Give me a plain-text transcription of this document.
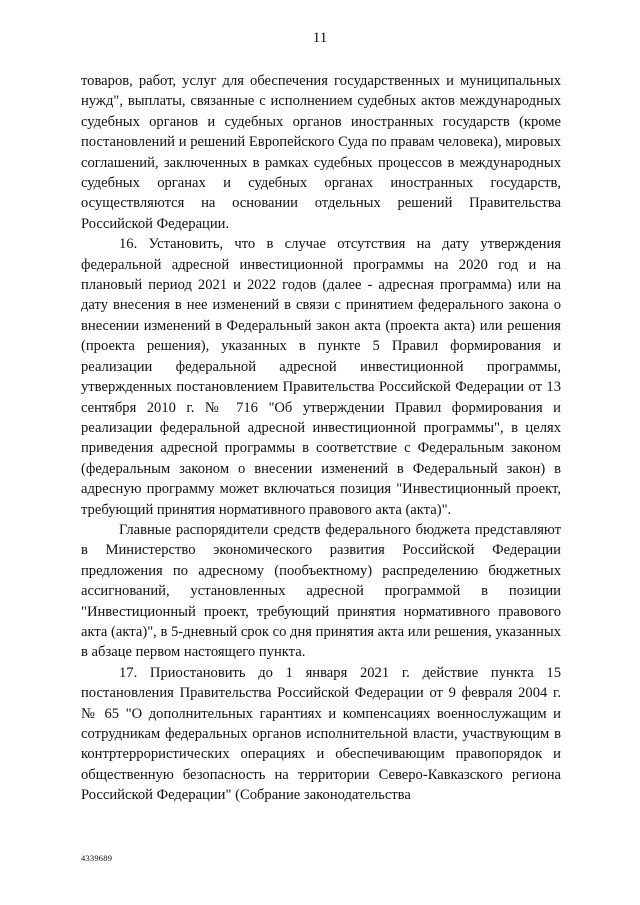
11

товаров, работ, услуг для обеспечения государственных и муниципальных нужд", выплаты, связанные с исполнением судебных актов международных судебных органов и судебных органов иностранных государств (кроме постановлений и решений Европейского Суда по правам человека), мировых соглашений, заключенных в рамках судебных процессов в международных судебных органах и судебных органах иностранных государств, осуществляются на основании отдельных решений Правительства Российской Федерации.

16. Установить, что в случае отсутствия на дату утверждения федеральной адресной инвестиционной программы на 2020 год и на плановый период 2021 и 2022 годов (далее - адресная программа) или на дату внесения в нее изменений в связи с принятием федерального закона о внесении изменений в Федеральный закон акта (проекта акта) или решения (проекта решения), указанных в пункте 5 Правил формирования и реализации федеральной адресной инвестиционной программы, утвержденных постановлением Правительства Российской Федерации от 13 сентября 2010 г. № 716 "Об утверждении Правил формирования и реализации федеральной адресной инвестиционной программы", в целях приведения адресной программы в соответствие с Федеральным законом (федеральным законом о внесении изменений в Федеральный закон) в адресную программу может включаться позиция "Инвестиционный проект, требующий принятия нормативного правового акта (акта)".

Главные распорядители средств федерального бюджета представляют в Министерство экономического развития Российской Федерации предложения по адресному (пообъектному) распределению бюджетных ассигнований, установленных адресной программой в позиции "Инвестиционный проект, требующий принятия нормативного правового акта (акта)", в 5-дневный срок со дня принятия акта или решения, указанных в абзаце первом настоящего пункта.

17. Приостановить до 1 января 2021 г. действие пункта 15 постановления Правительства Российской Федерации от 9 февраля 2004 г. № 65 "О дополнительных гарантиях и компенсациях военнослужащим и сотрудникам федеральных органов исполнительной власти, участвующим в контртеррористических операциях и обеспечивающим правопорядок и общественную безопасность на территории Северо-Кавказского региона Российской Федерации" (Собрание законодательства

4339689
